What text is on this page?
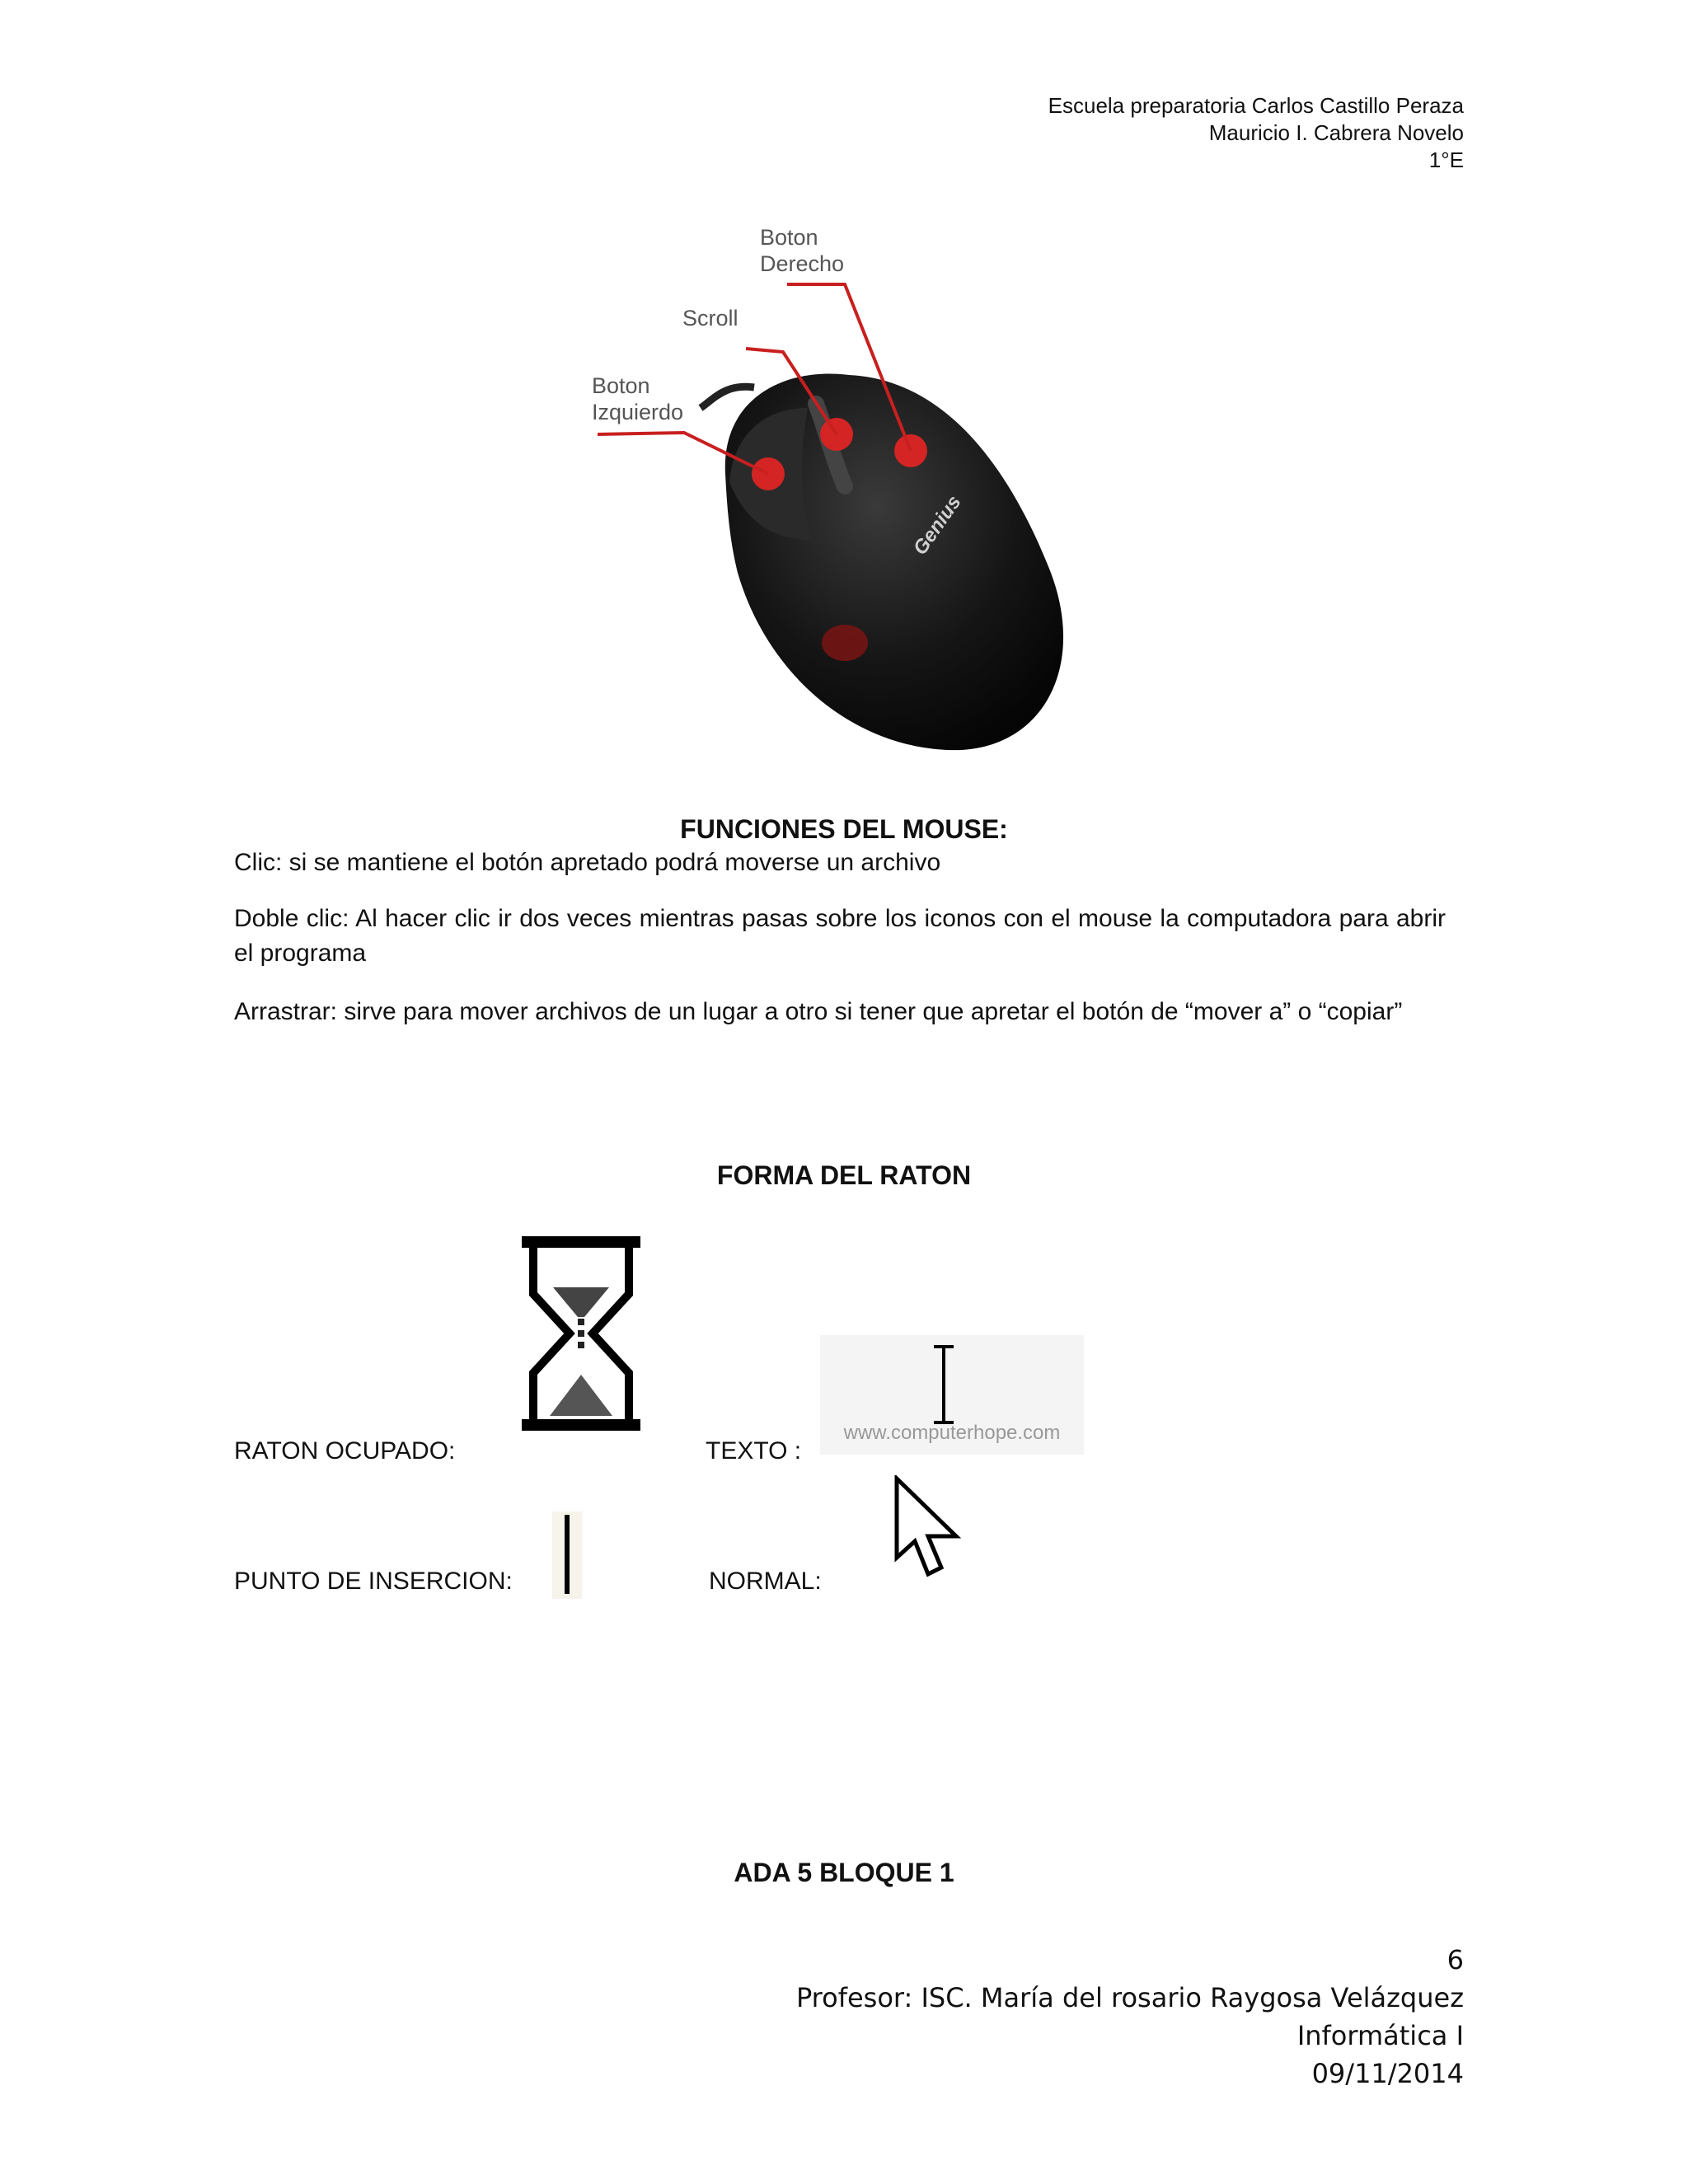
Escuela preparatoria Carlos Castillo Peraza
Mauricio I. Cabrera Novelo
1°E
Genius
Boton
Derecho
Scroll
Boton
Izquierdo
FUNCIONES DEL MOUSE:
Clic: si se mantiene el botón apretado podrá moverse un archivo
Doble clic: Al hacer clic ir dos veces mientras pasas sobre los iconos con el mouse la computadora para abrir el programa
Arrastrar: sirve para mover archivos de un lugar a otro si tener que apretar el botón de “mover a” o “copiar”
FORMA DEL RATON
RATON OCUPADO:	TEXTO :
www.computerhope.com
PUNTO DE INSERCION:	NORMAL:
ADA 5 BLOQUE 1
6
Profesor: ISC. María del rosario Raygosa Velázquez
Informática I
09/11/2014
